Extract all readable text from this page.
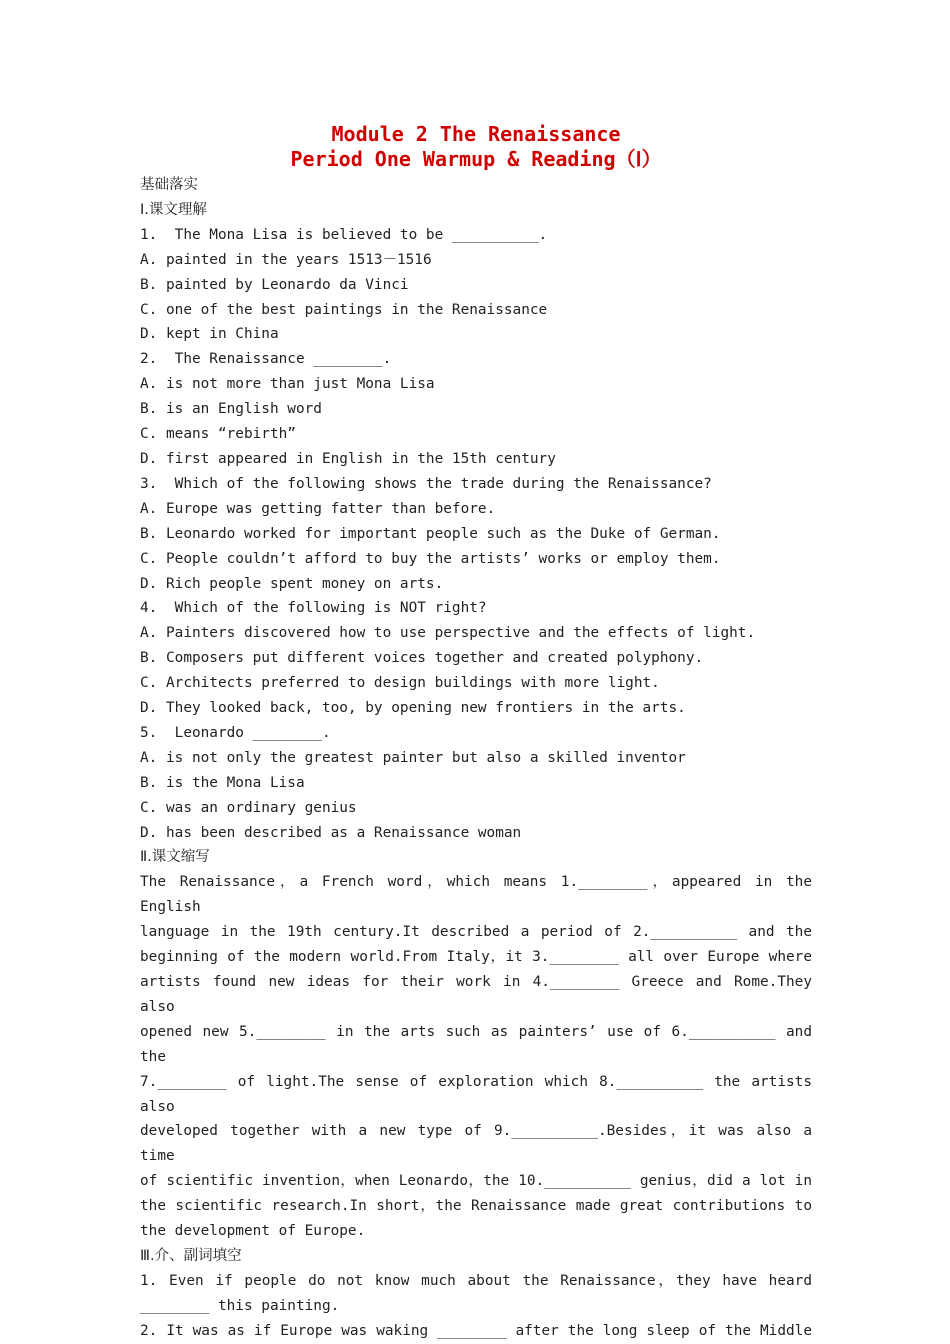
Module 2 The Renaissance

Period One Warmup & Reading（Ⅰ）

基础落实

Ⅰ.课文理解

1.  The Mona Lisa is believed to be __________.

A. painted in the years 1513－1516

B. painted by Leonardo da Vinci

C. one of the best paintings in the Renaissance

D. kept in China

2.  The Renaissance ________.

A. is not more than just Mona Lisa

B. is an English word

C. means “rebirth”

D. first appeared in English in the 15th century

3.  Which of the following shows the trade during the Renaissance?

A. Europe was getting fatter than before.

B. Leonardo worked for important people such as the Duke of German.

C. People couldn’t afford to buy the artists’ works or employ them.

D. Rich people spent money on arts.

4.  Which of the following is NOT right?

A. Painters discovered how to use perspective and the effects of light.

B. Composers put different voices together and created polyphony.

C. Architects preferred to design buildings with more light.

D. They looked back, too, by opening new frontiers in the arts.

5.  Leonardo ________.

A. is not only the greatest painter but also a skilled inventor

B. is the Mona Lisa

C. was an ordinary genius

D. has been described as a Renaissance woman

Ⅱ.课文缩写

The Renaissance，a French word，which means 1.________，appeared in the English

language in the 19th century.It described a period of 2.__________ and the

beginning of the modern world.From Italy，it 3.________ all over Europe where

artists found new ideas for their work in 4.________ Greece and Rome.They also

opened new 5.________ in the arts such as painters’ use of 6.__________ and the

7.________ of light.The sense of exploration which 8.__________ the artists also

developed together with a new type of 9.__________.Besides，it was also a time

of scientific invention，when Leonardo，the 10.__________ genius，did a lot in

the scientific research.In short，the Renaissance made great contributions to

the development of Europe.

Ⅲ.介、副词填空

1. Even if people do not know much about the Renaissance，they have heard

________ this painting.

2. It was as if Europe was waking ________ after the long sleep of the Middle
